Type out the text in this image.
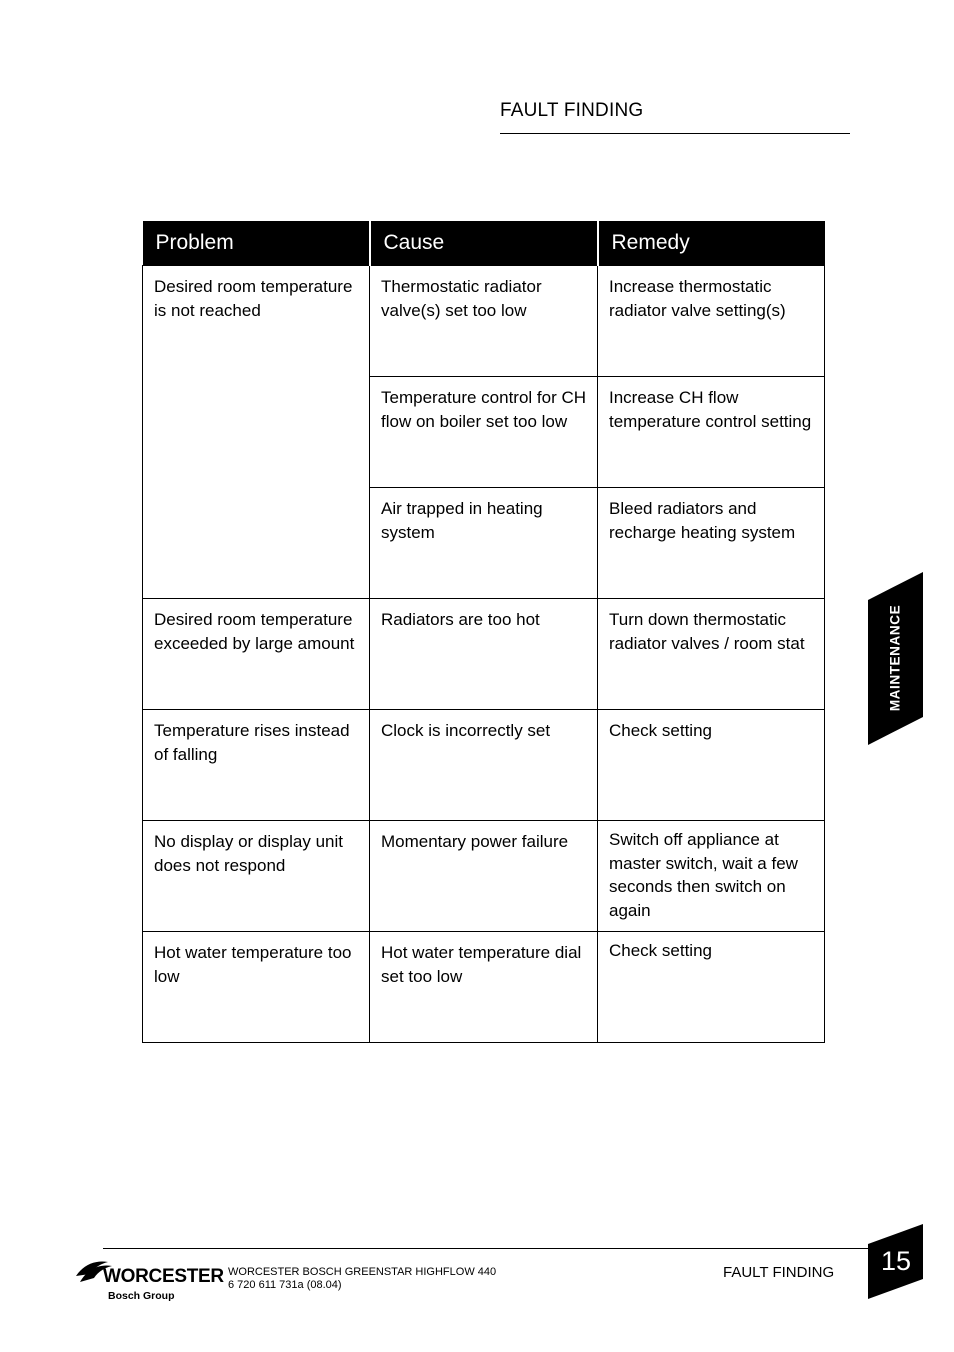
FAULT FINDING
Problem	Cause	Remedy
Desired room temperature is not reached	Thermostatic radiator valve(s) set too low	Increase thermostatic radiator valve setting(s)
	Temperature control for CH flow on boiler set too low	Increase CH flow temperature control setting
	Air trapped in heating system	Bleed radiators and recharge heating system
Desired room temperature exceeded by large amount	Radiators are too hot	Turn down thermostatic radiator valves / room stat
Temperature rises instead of falling	Clock is incorrectly set	Check setting
No display or display unit does not respond	Momentary power failure	Switch off appliance at master switch, wait a few seconds then switch on again
Hot water temperature too low	Hot water temperature dial set too low	Check setting
MAINTENANCE
WORCESTER
Bosch Group
WORCESTER BOSCH GREENSTAR HIGHFLOW 440
6 720 611 731a (08.04)
FAULT FINDING 15
